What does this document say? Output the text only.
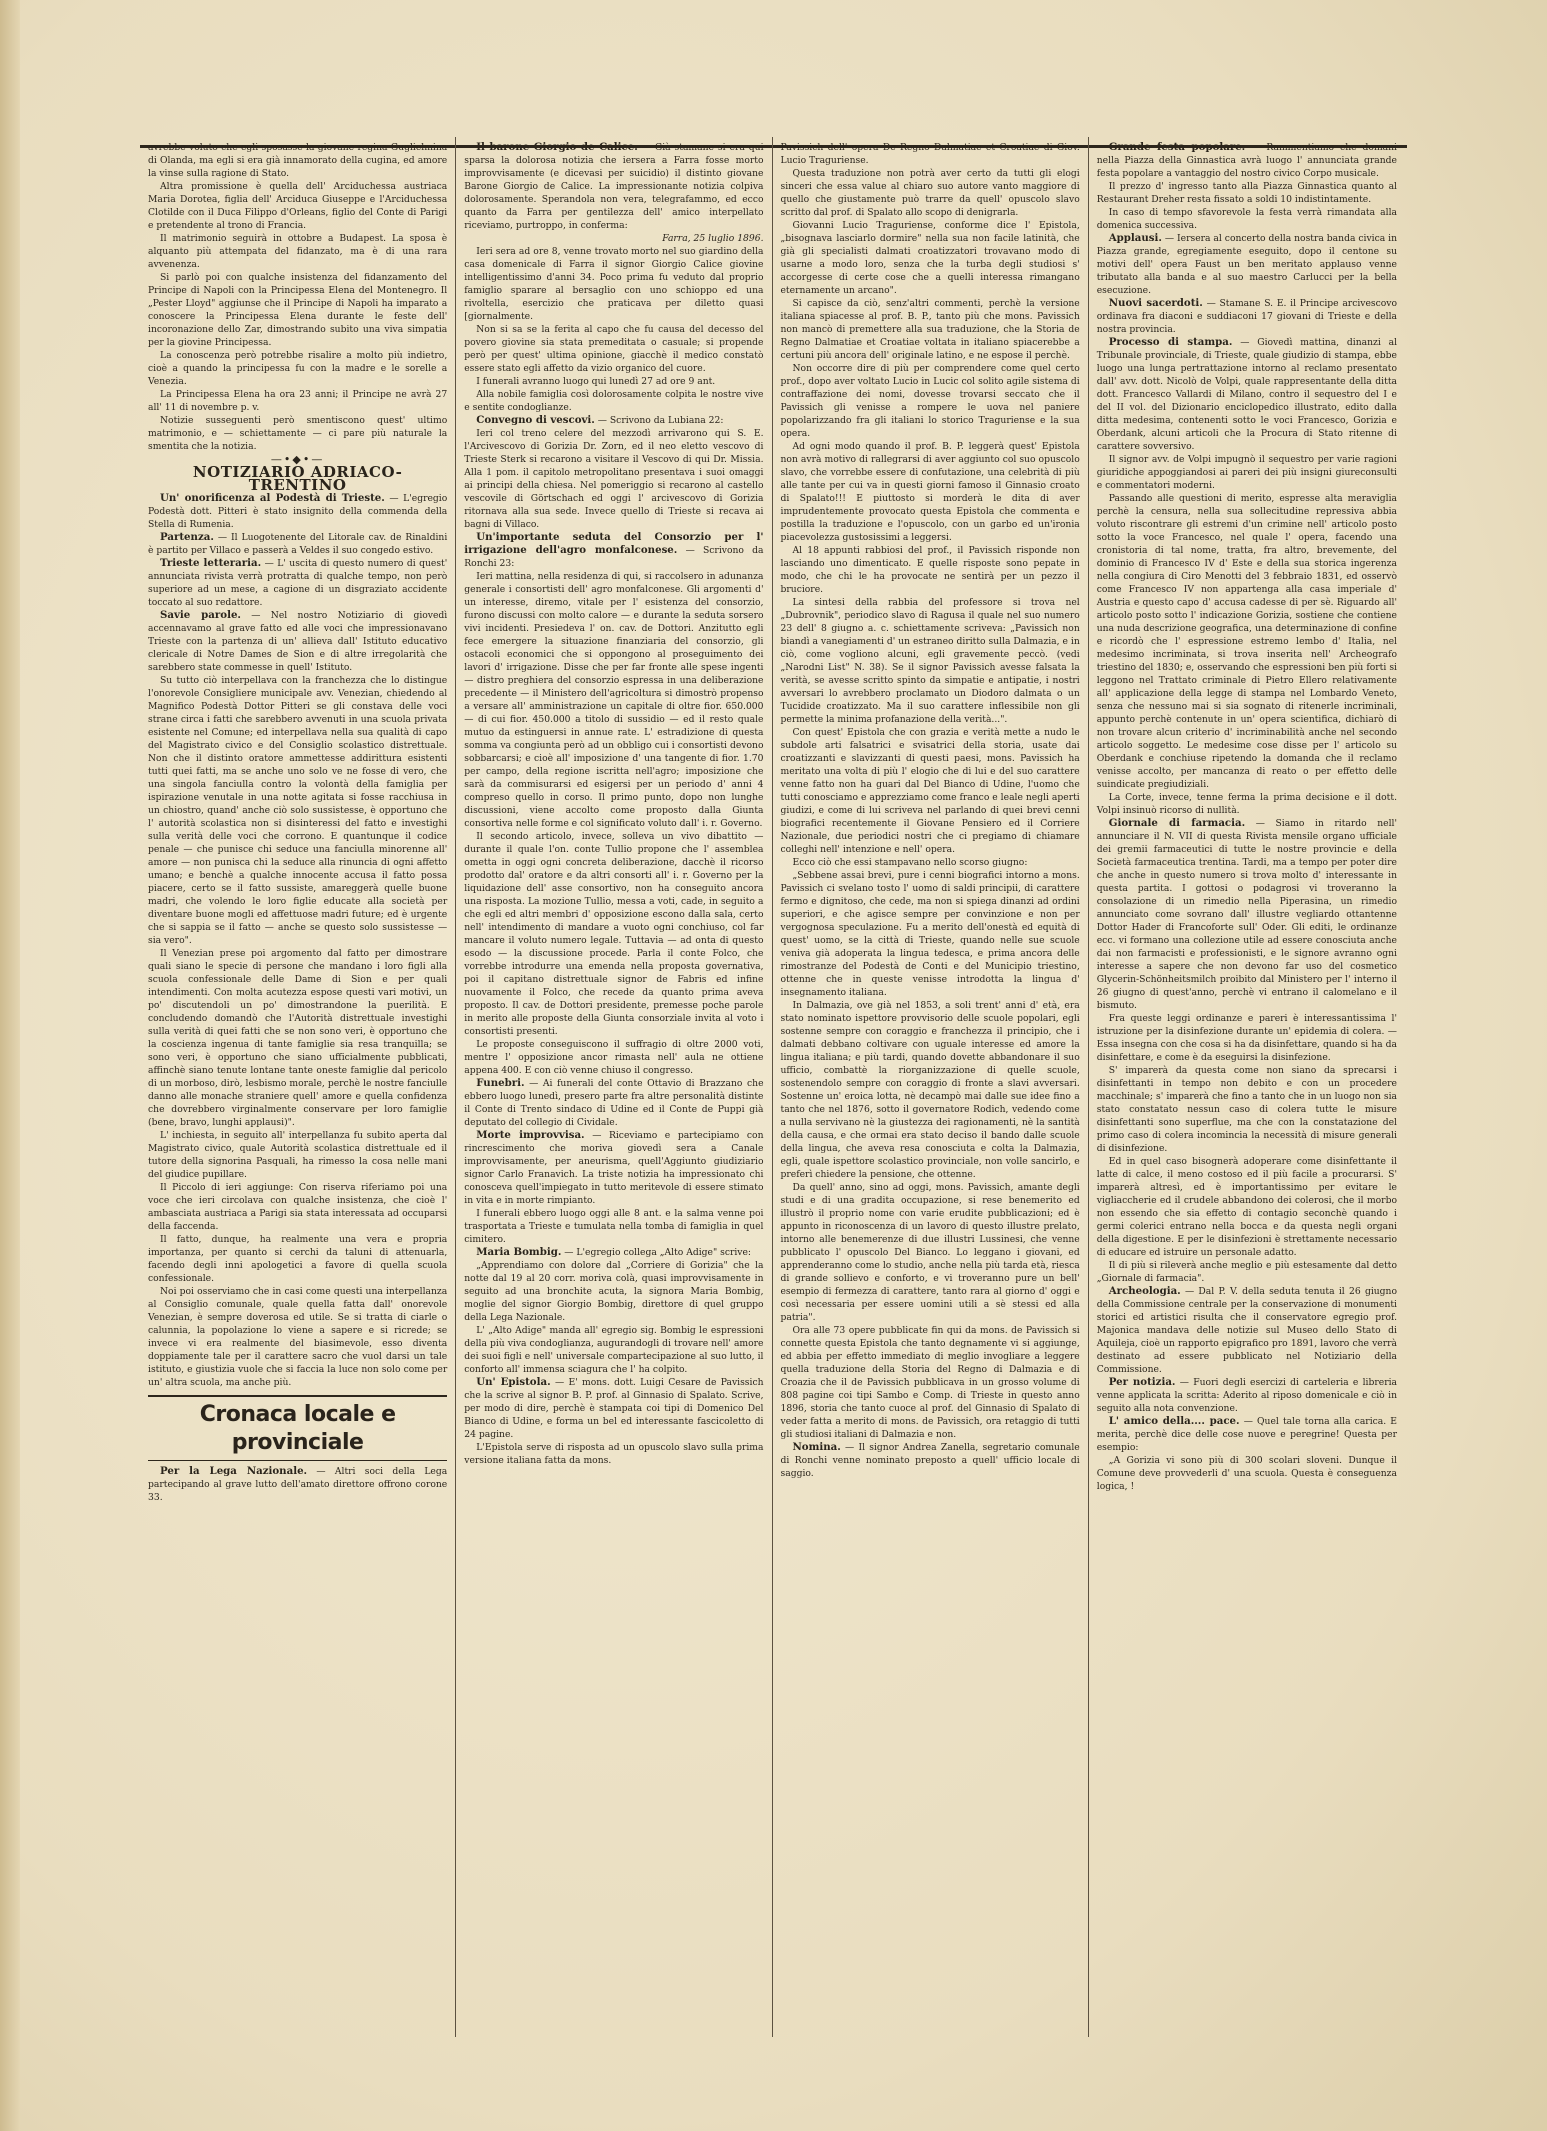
avrebbe voluto che egli sposasse la giovane regina Guglielmina di Olanda, ma egli si era già innamorato della cugina, ed amore la vinse sulla ragione di Stato.

Altra promissione è quella dell' Arciduchessa austriaca Maria Dorotea, figlia dell' Arciduca Giuseppe e l'Arciduchessa Clotilde con il Duca Filippo d'Orleans, figlio del Conte di Parigi e pretendente al trono di Francia.

Il matrimonio seguirà in ottobre a Budapest. La sposa è alquanto più attempata del fidanzato, ma è di una rara avvenenza.

Si parlò poi con qualche insistenza del fidanzamento del Principe di Napoli con la Principessa Elena del Montenegro. Il „Pester Lloyd" aggiunse che il Principe di Napoli ha imparato a conoscere la Principessa Elena durante le feste dell' incoronazione dello Zar, dimostrando subito una viva simpatia per la giovine Principessa.

La conoscenza però potrebbe risalire a molto più indietro, cioè a quando la principessa fu con la madre e le sorelle a Venezia.

La Principessa Elena ha ora 23 anni; il Principe ne avrà 27 all' 11 di novembre p. v.

Notizie susseguenti però smentiscono quest' ultimo matrimonio, e — schiettamente — ci pare più naturale la smentita che la notizia.

—•◆•—

NOTIZIARIO ADRIACO-TRENTINO

Un' onorificenza al Podestà di Trieste. — L'egregio Podestà dott. Pitteri è stato insignito della commenda della Stella di Rumenia.

Partenza. — Il Luogotenente del Litorale cav. de Rinaldini è partito per Villaco e passerà a Veldes il suo congedo estivo.

Trieste letteraria. — L' uscita di questo numero di quest' annunciata rivista verrà protratta di qualche tempo, non però superiore ad un mese, a cagione di un disgraziato accidente toccato al suo redattore.

Savie parole. — Nel nostro Notiziario di giovedì accennavamo al grave fatto ed alle voci che impressionavano Trieste con la partenza di un' allieva dall' Istituto educativo clericale di Notre Dames de Sion e di altre irregolarità che sarebbero state commesse in quell' Istituto.

Su tutto ciò interpellava con la franchezza che lo distingue l'onorevole Consigliere municipale avv. Venezian, chiedendo al Magnifico Podestà Dottor Pitteri se gli constava delle voci strane circa i fatti che sarebbero avvenuti in una scuola privata esistente nel Comune; ed interpellava nella sua qualità di capo del Magistrato civico e del Consiglio scolastico distrettuale. Non che il distinto oratore ammettesse addirittura esistenti tutti quei fatti, ma se anche uno solo ve ne fosse di vero, che una singola fanciulla contro la volontà della famiglia per ispirazione venutale in una notte agitata si fosse racchiusa in un chiostro, quand' anche ciò solo sussistesse, è opportuno che l' autorità scolastica non si disinteressi del fatto e investighi sulla verità delle voci che corrono. E quantunque il codice penale — che punisce chi seduce una fanciulla minorenne all' amore — non punisca chi la seduce alla rinuncia di ogni affetto umano; e benchè a qualche innocente accusa il fatto possa piacere, certo se il fatto sussiste, amareggerà quelle buone madri, che volendo le loro figlie educate alla società per diventare buone mogli ed affettuose madri future; ed è urgente che si sappia se il fatto — anche se questo solo sussistesse — sia vero".

Il Venezian prese poi argomento dal fatto per dimostrare quali siano le specie di persone che mandano i loro figli alla scuola confessionale delle Dame di Sion e per quali intendimenti. Con molta acutezza espose questi vari motivi, un po' discutendoli un po' dimostrandone la puerilità. E concludendo domandò che l'Autorità distrettuale investighi sulla verità di quei fatti che se non sono veri, è opportuno che la coscienza ingenua di tante famiglie sia resa tranquilla; se sono veri, è opportuno che siano ufficialmente pubblicati, affinchè siano tenute lontane tante oneste famiglie dal pericolo di un morboso, dirò, lesbismo morale, perchè le nostre fanciulle danno alle monache straniere quell' amore e quella confidenza che dovrebbero virginalmente conservare per loro famiglie (bene, bravo, lunghi applausi)".

L' inchiesta, in seguito all' interpellanza fu subito aperta dal Magistrato civico, quale Autorità scolastica distrettuale ed il tutore della signorina Pasquali, ha rimesso la cosa nelle mani del giudice pupillare.

Il Piccolo di ieri aggiunge: Con riserva riferiamo poi una voce che ieri circolava con qualche insistenza, che cioè l' ambasciata austriaca a Parigi sia stata interessata ad occuparsi della faccenda.

Il fatto, dunque, ha realmente una vera e propria importanza, per quanto si cerchi da taluni di attenuarla, facendo degli inni apologetici a favore di quella scuola confessionale.

Noi poi osserviamo che in casi come questi una interpellanza al Consiglio comunale, quale quella fatta dall' onorevole Venezian, è sempre doverosa ed utile. Se si tratta di ciarle o calunnia, la popolazione lo viene a sapere e si ricrede; se invece vi era realmente del biasimevole, esso diventa doppiamente tale per il carattere sacro che vuol darsi un tale istituto, e giustizia vuole che si faccia la luce non solo come per un' altra scuola, ma anche più.

Cronaca locale e provinciale

Per la Lega Nazionale. — Altri soci della Lega partecipando al grave lutto dell'amato direttore offrono corone 33.

Il barone Giorgio de Calice. — Già stamane si era qui sparsa la dolorosa notizia che iersera a Farra fosse morto improvvisamente (e dicevasi per suicidio) il distinto giovane Barone Giorgio de Calice. La impressionante notizia colpiva dolorosamente. Sperandola non vera, telegrafammo, ed ecco quanto da Farra per gentilezza dell' amico interpellato riceviamo, purtroppo, in conferma:

Farra, 25 luglio 1896.

Ieri sera ad ore 8, venne trovato morto nel suo giardino della casa domenicale di Farra il signor Giorgio Calice giovine intelligentissimo d'anni 34. Poco prima fu veduto dal proprio famiglio sparare al bersaglio con uno schioppo ed una rivoltella, esercizio che praticava per diletto quasi [giornalmente.

Non si sa se la ferita al capo che fu causa del decesso del povero giovine sia stata premeditata o casuale; si propende però per quest' ultima opinione, giacchè il medico constatò essere stato egli affetto da vizio organico del cuore.

I funerali avranno luogo qui lunedì 27 ad ore 9 ant.

Alla nobile famiglia così dolorosamente colpita le nostre vive e sentite condoglianze.

Convegno di vescovi. — Scrivono da Lubiana 22:

Ieri col treno celere del mezzodì arrivarono qui S. E. l'Arcivescovo di Gorizia Dr. Zorn, ed il neo eletto vescovo di Trieste Sterk si recarono a visitare il Vescovo di qui Dr. Missia. Alla 1 pom. il capitolo metropolitano presentava i suoi omaggi ai principi della chiesa. Nel pomeriggio si recarono al castello vescovile di Görtschach ed oggi l' arcivescovo di Gorizia ritornava alla sua sede. Invece quello di Trieste si recava ai bagni di Villaco.

Un'importante seduta del Consorzio per l' irrigazione dell'agro monfalconese. — Scrivono da Ronchi 23:

Ieri mattina, nella residenza di qui, si raccolsero in adunanza generale i consortisti dell' agro monfalconese. Gli argomenti d' un interesse, diremo, vitale per l' esistenza del consorzio, furono discussi con molto calore — e durante la seduta sorsero vivi incidenti. Presiedeva l' on. cav. de Dottori. Anzitutto egli fece emergere la situazione finanziaria del consorzio, gli ostacoli economici che si oppongono al proseguimento dei lavori d' irrigazione. Disse che per far fronte alle spese ingenti — distro preghiera del consorzio espressa in una deliberazione precedente — il Ministero dell'agricoltura si dimostrò propenso a versare all' amministrazione un capitale di oltre fior. 650.000 — di cui fior. 450.000 a titolo di sussidio — ed il resto quale mutuo da estinguersi in annue rate. L' estradizione di questa somma va congiunta però ad un obbligo cui i consortisti devono sobbarcarsi; e cioè all' imposizione d' una tangente di fior. 1.70 per campo, della regione iscritta nell'agro; imposizione che sarà da commisurarsi ed esigersi per un periodo d' anni 4 compreso quello in corso. Il primo punto, dopo non lunghe discussioni, viene accolto come proposto dalla Giunta consortiva nelle forme e col significato voluto dall' i. r. Governo.

Il secondo articolo, invece, solleva un vivo dibattito — durante il quale l'on. conte Tullio propone che l' assemblea ometta in oggi ogni concreta deliberazione, dacchè il ricorso prodotto dal' oratore e da altri consorti all' i. r. Governo per la liquidazione dell' asse consortivo, non ha conseguito ancora una risposta. La mozione Tullio, messa a voti, cade, in seguito a che egli ed altri membri d' opposizione escono dalla sala, certo nell' intendimento di mandare a vuoto ogni conchiuso, col far mancare il voluto numero legale. Tuttavia — ad onta di questo esodo — la discussione procede. Parla il conte Folco, che vorrebbe introdurre una emenda nella proposta governativa, poi il capitano distrettuale signor de Fabris ed infine nuovamente il Folco, che recede da quanto prima aveva proposto. Il cav. de Dottori presidente, premesse poche parole in merito alle proposte della Giunta consorziale invita al voto i consortisti presenti.

Le proposte conseguiscono il suffragio di oltre 2000 voti, mentre l' opposizione ancor rimasta nell' aula ne ottiene appena 400. E con ciò venne chiuso il congresso.

Funebri. — Ai funerali del conte Ottavio di Brazzano che ebbero luogo lunedì, presero parte fra altre personalità distinte il Conte di Trento sindaco di Udine ed il Conte de Puppi già deputato del collegio di Cividale.

Morte improvvisa. — Riceviamo e partecipiamo con rincrescimento che moriva giovedì sera a Canale improvvisamente, per aneurisma, quell'Aggiunto giudiziario signor Carlo Franavich. La triste notizia ha impressionato chi conosceva quell'impiegato in tutto meritevole di essere stimato in vita e in morte rimpianto.

I funerali ebbero luogo oggi alle 8 ant. e la salma venne poi trasportata a Trieste e tumulata nella tomba di famiglia in quel cimitero.

Maria Bombig. — L'egregio collega „Alto Adige" scrive:

„Apprendiamo con dolore dal „Corriere di Gorizia" che la notte dal 19 al 20 corr. moriva colà, quasi improvvisamente in seguito ad una bronchite acuta, la signora Maria Bombig, moglie del signor Giorgio Bombig, direttore di quel gruppo della Lega Nazionale.

L' „Alto Adige" manda all' egregio sig. Bombig le espressioni della più viva condoglianza, augurandogli di trovare nell' amore dei suoi figli e nell' universale compartecipazione al suo lutto, il conforto all' immensa sciagura che l' ha colpito.

Un' Epistola. — E' mons. dott. Luigi Cesare de Pavissich che la scrive al signor B. P. prof. al Ginnasio di Spalato. Scrive, per modo di dire, perchè è stampata coi tipi di Domenico Del Bianco di Udine, e forma un bel ed interessante fascicoletto di 24 pagine.

L'Epistola serve di risposta ad un opuscolo slavo sulla prima versione italiana fatta da mons.

Pavissich dell' opera De Regno Dalmatiae et Croatiae di Giov. Lucio Traguriense.

Questa traduzione non potrà aver certo da tutti gli elogi sinceri che essa value al chiaro suo autore vanto maggiore di quello che giustamente può trarre da quell' opuscolo slavo scritto dal prof. di Spalato allo scopo di denigrarla.

Giovanni Lucio Traguriense, conforme dice l' Epistola, „bisognava lasciarlo dormire" nella sua non facile latinità, che già gli specialisti dalmati croatizzatori trovavano modo di usarne a modo loro, senza che la turba degli studiosi s' accorgesse di certe cose che a quelli interessa rimangano eternamente un arcano".

Si capisce da ciò, senz'altri commenti, perchè la versione italiana spiacesse al prof. B. P., tanto più che mons. Pavissich non mancò di premettere alla sua traduzione, che la Storia de Regno Dalmatiae et Croatiae voltata in italiano spiacerebbe a certuni più ancora dell' originale latino, e ne espose il perchè.

Non occorre dire di più per comprendere come quel certo prof., dopo aver voltato Lucio in Lucic col solito agile sistema di contraffazione dei nomi, dovesse trovarsi seccato che il Pavissich gli venisse a rompere le uova nel paniere popolarizzando fra gli italiani lo storico Traguriense e la sua opera.

Ad ogni modo quando il prof. B. P. leggerà quest' Epistola non avrà motivo di rallegrarsi di aver aggiunto col suo opuscolo slavo, che vorrebbe essere di confutazione, una celebrità di più alle tante per cui va in questi giorni famoso il Ginnasio croato di Spalato!!! E piuttosto si morderà le dita di aver imprudentemente provocato questa Epistola che commenta e postilla la traduzione e l'opuscolo, con un garbo ed un'ironia piacevolezza gustosissimi a leggersi.

Al 18 appunti rabbiosi del prof., il Pavissich risponde non lasciando uno dimenticato. E quelle risposte sono pepate in modo, che chi le ha provocate ne sentirà per un pezzo il bruciore.

La sintesi della rabbia del professore si trova nel „Dubrovnik", periodico slavo di Ragusa il quale nel suo numero 23 dell' 8 giugno a. c. schiettamente scriveva: „Pavissich non biandì a vanegiamenti d' un estraneo diritto sulla Dalmazia, e in ciò, come vogliono alcuni, egli gravemente peccò. (vedi „Narodni List" N. 38). Se il signor Pavissich avesse falsata la verità, se avesse scritto spinto da simpatie e antipatie, i nostri avversari lo avrebbero proclamato un Diodoro dalmata o un Tucidide croatizzato. Ma il suo carattere inflessibile non gli permette la minima profanazione della verità...".

Con quest' Epistola che con grazia e verità mette a nudo le subdole arti falsatrici e svisatrici della storia, usate dai croatizzanti e slavizzanti di questi paesi, mons. Pavissich ha meritato una volta di più l' elogio che di lui e del suo carattere venne fatto non ha guari dal Del Bianco di Udine, l'uomo che tutti conosciamo e apprezziamo come franco e leale negli aperti giudizi, e come di lui scriveva nel parlando di quei brevi cenni biografici recentemente il Giovane Pensiero ed il Corriere Nazionale, due periodici nostri che ci pregiamo di chiamare colleghi nell' intenzione e nell' opera.

Ecco ciò che essi stampavano nello scorso giugno:

„Sebbene assai brevi, pure i cenni biografici intorno a mons. Pavissich ci svelano tosto l' uomo di saldi principii, di carattere fermo e dignitoso, che cede, ma non si spiega dinanzi ad ordini superiori, e che agisce sempre per convinzione e non per vergognosa speculazione. Fu a merito dell'onestà ed equità di quest' uomo, se la città di Trieste, quando nelle sue scuole veniva già adoperata la lingua tedesca, e prima ancora delle rimostranze del Podestà de Conti e del Municipio triestino, ottenne che in queste venisse introdotta la lingua d' insegnamento italiana.

In Dalmazia, ove già nel 1853, a soli trent' anni d' età, era stato nominato ispettore provvisorio delle scuole popolari, egli sostenne sempre con coraggio e franchezza il principio, che i dalmati debbano coltivare con uguale interesse ed amore la lingua italiana; e più tardi, quando dovette abbandonare il suo ufficio, combattè la riorganizzazione di quelle scuole, sostenendolo sempre con coraggio di fronte a slavi avversari. Sostenne un' eroica lotta, nè decampò mai dalle sue idee fino a tanto che nel 1876, sotto il governatore Rodich, vedendo come a nulla servivano nè la giustezza dei ragionamenti, nè la santità della causa, e che ormai era stato deciso il bando dalle scuole della lingua, che aveva resa conosciuta e colta la Dalmazia, egli, quale ispettore scolastico provinciale, non volle sancirlo, e preferì chiedere la pensione, che ottenne.

Da quell' anno, sino ad oggi, mons. Pavissich, amante degli studi e di una gradita occupazione, si rese benemerito ed illustrò il proprio nome con varie erudite pubblicazioni; ed è appunto in riconoscenza di un lavoro di questo illustre prelato, intorno alle benemerenze di due illustri Lussinesi, che venne pubblicato l' opuscolo Del Bianco. Lo leggano i giovani, ed apprenderanno come lo studio, anche nella più tarda età, riesca di grande sollievo e conforto, e vi troveranno pure un bell' esempio di fermezza di carattere, tanto rara al giorno d' oggi e così necessaria per essere uomini utili a sè stessi ed alla patria".

Ora alle 73 opere pubblicate fin qui da mons. de Pavissich si connette questa Epistola che tanto degnamente vi si aggiunge, ed abbia per effetto immediato di meglio invogliare a leggere quella traduzione della Storia del Regno di Dalmazia e di Croazia che il de Pavissich pubblicava in un grosso volume di 808 pagine coi tipi Sambo e Comp. di Trieste in questo anno 1896, storia che tanto cuoce al prof. del Ginnasio di Spalato di veder fatta a merito di mons. de Pavissich, ora retaggio di tutti gli studiosi italiani di Dalmazia e non.

Nomina. — Il signor Andrea Zanella, segretario comunale di Ronchi venne nominato preposto a quell' ufficio locale di saggio.

Grande festa popolare. — Rammentiamo che domani nella Piazza della Ginnastica avrà luogo l' annunciata grande festa popolare a vantaggio del nostro civico Corpo musicale.

Il prezzo d' ingresso tanto alla Piazza Ginnastica quanto al Restaurant Dreher resta fissato a soldi 10 indistintamente.

In caso di tempo sfavorevole la festa verrà rimandata alla domenica successiva.

Applausi. — Iersera al concerto della nostra banda civica in Piazza grande, egregiamente eseguito, dopo il centone su motivi dell' opera Faust un ben meritato applauso venne tributato alla banda e al suo maestro Carlucci per la bella esecuzione.

Nuovi sacerdoti. — Stamane S. E. il Principe arcivescovo ordinava fra diaconi e suddiaconi 17 giovani di Trieste e della nostra provincia.

Processo di stampa. — Giovedì mattina, dinanzi al Tribunale provinciale, di Trieste, quale giudizio di stampa, ebbe luogo una lunga pertrattazione intorno al reclamo presentato dall' avv. dott. Nicolò de Volpi, quale rappresentante della ditta dott. Francesco Vallardi di Milano, contro il sequestro del I e del II vol. del Dizionario enciclopedico illustrato, edito dalla ditta medesima, contenenti sotto le voci Francesco, Gorizia e Oberdank, alcuni articoli che la Procura di Stato ritenne di carattere sovversivo.

Il signor avv. de Volpi impugnò il sequestro per varie ragioni giuridiche appoggiandosi ai pareri dei più insigni giureconsulti e commentatori moderni.

Passando alle questioni di merito, espresse alta meraviglia perchè la censura, nella sua sollecitudine repressiva abbia voluto riscontrare gli estremi d'un crimine nell' articolo posto sotto la voce Francesco, nel quale l' opera, facendo una cronistoria di tal nome, tratta, fra altro, brevemente, del dominio di Francesco IV d' Este e della sua storica ingerenza nella congiura di Ciro Menotti del 3 febbraio 1831, ed osservò come Francesco IV non appartenga alla casa imperiale d' Austria e questo capo d' accusa cadesse di per sè. Riguardo all' articolo posto sotto l' indicazione Gorizia, sostiene che contiene una nuda descrizione geografica, una determinazione di confine e ricordò che l' espressione estremo lembo d' Italia, nel medesimo incriminata, si trova inserita nell' Archeografo triestino del 1830; e, osservando che espressioni ben più forti si leggono nel Trattato criminale di Pietro Ellero relativamente all' applicazione della legge di stampa nel Lombardo Veneto, senza che nessuno mai si sia sognato di ritenerle incriminali, appunto perchè contenute in un' opera scientifica, dichiarò di non trovare alcun criterio d' incriminabilità anche nel secondo articolo soggetto. Le medesime cose disse per l' articolo su Oberdank e conchiuse ripetendo la domanda che il reclamo venisse accolto, per mancanza di reato o per effetto delle suindicate pregiudiziali.

La Corte, invece, tenne ferma la prima decisione e il dott. Volpi insinuò ricorso di nullità.

Giornale di farmacia. — Siamo in ritardo nell' annunciare il N. VII di questa Rivista mensile organo ufficiale dei gremii farmaceutici di tutte le nostre provincie e della Società farmaceutica trentina. Tardi, ma a tempo per poter dire che anche in questo numero si trova molto d' interessante in questa partita. I gottosi o podagrosi vi troveranno la consolazione di un rimedio nella Piperasina, un rimedio annunciato come sovrano dall' illustre vegliardo ottantenne Dottor Hader di Francoforte sull' Oder. Gli editi, le ordinanze ecc. vi formano una collezione utile ad essere conosciuta anche dai non farmacisti e professionisti, e le signore avranno ogni interesse a sapere che non devono far uso del cosmetico Glycerin-Schönheitsmilch proibito dal Ministero per l' interno il 26 giugno di quest'anno, perchè vi entrano il calomelano e il bismuto.

Fra queste leggi ordinanze e pareri è interessantissima l' istruzione per la disinfezione durante un' epidemia di colera. — Essa insegna con che cosa si ha da disinfettare, quando si ha da disinfettare, e come è da eseguirsi la disinfezione.

S' imparerà da questa come non siano da sprecarsi i disinfettanti in tempo non debito e con un procedere macchinale; s' imparerà che fino a tanto che in un luogo non sia stato constatato nessun caso di colera tutte le misure disinfettanti sono superflue, ma che con la constatazione del primo caso di colera incomincia la necessità di misure generali di disinfezione.

Ed in quel caso bisognerà adoperare come disinfettante il latte di calce, il meno costoso ed il più facile a procurarsi. S' imparerà altresì, ed è importantissimo per evitare le vigliaccherie ed il crudele abbandono dei colerosi, che il morbo non essendo che sia effetto di contagio seconchè quando i germi colerici entrano nella bocca e da questa negli organi della digestione. E per le disinfezioni è strettamente necessario di educare ed istruire un personale adatto.

Il di più si rileverà anche meglio e più estesamente dal detto „Giornale di farmacia".

Archeologia. — Dal P. V. della seduta tenuta il 26 giugno della Commissione centrale per la conservazione di monumenti storici ed artistici risulta che il conservatore egregio prof. Majonica mandava delle notizie sul Museo dello Stato di Aquileja, cioè un rapporto epigrafico pro 1891, lavoro che verrà destinato ad essere pubblicato nel Notiziario della Commissione.

Per notizia. — Fuori degli esercizi di carteleria e libreria venne applicata la scritta: Aderito al riposo domenicale e ciò in seguito alla nota convenzione.

L' amico della.... pace. — Quel tale torna alla carica. E merita, perchè dice delle cose nuove e peregrine! Questa per esempio:

„A Gorizia vi sono più di 300 scolari sloveni. Dunque il Comune deve provvederli d' una scuola. Questa è conseguenza logica, !
